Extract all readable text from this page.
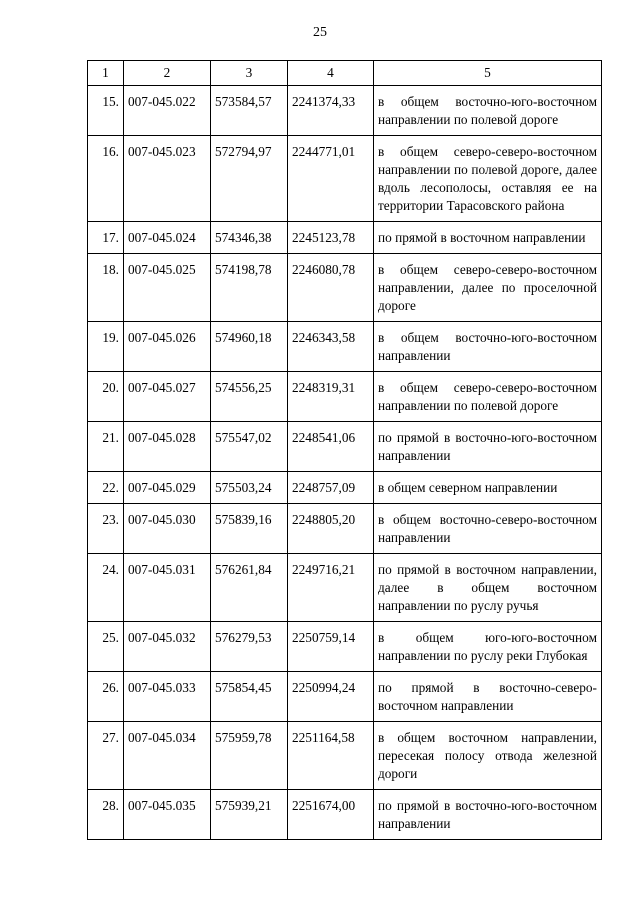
25
1	2	3	4	5
15.	007-045.022	573584,57	2241374,33	в общем восточно-юго-восточном направлении по полевой дороге
16.	007-045.023	572794,97	2244771,01	в общем северо-северо-восточном направлении по полевой дороге, далее вдоль лесополосы, оставляя ее на территории Тарасовского района
17.	007-045.024	574346,38	2245123,78	по прямой в восточном направлении
18.	007-045.025	574198,78	2246080,78	в общем северо-северо-восточном направлении, далее по проселочной дороге
19.	007-045.026	574960,18	2246343,58	в общем восточно-юго-восточном направлении
20.	007-045.027	574556,25	2248319,31	в общем северо-северо-восточном направлении по полевой дороге
21.	007-045.028	575547,02	2248541,06	по прямой в восточно-юго-восточном направлении
22.	007-045.029	575503,24	2248757,09	в общем северном направлении
23.	007-045.030	575839,16	2248805,20	в общем восточно-северо-восточном направлении
24.	007-045.031	576261,84	2249716,21	по прямой в восточном направлении, далее в общем восточном направлении по руслу ручья
25.	007-045.032	576279,53	2250759,14	в общем юго-юго-восточном направлении по руслу реки Глубокая
26.	007-045.033	575854,45	2250994,24	по прямой в восточно-северо-восточном направлении
27.	007-045.034	575959,78	2251164,58	в общем восточном направлении, пересекая полосу отвода железной дороги
28.	007-045.035	575939,21	2251674,00	по прямой в восточно-юго-восточном направлении
